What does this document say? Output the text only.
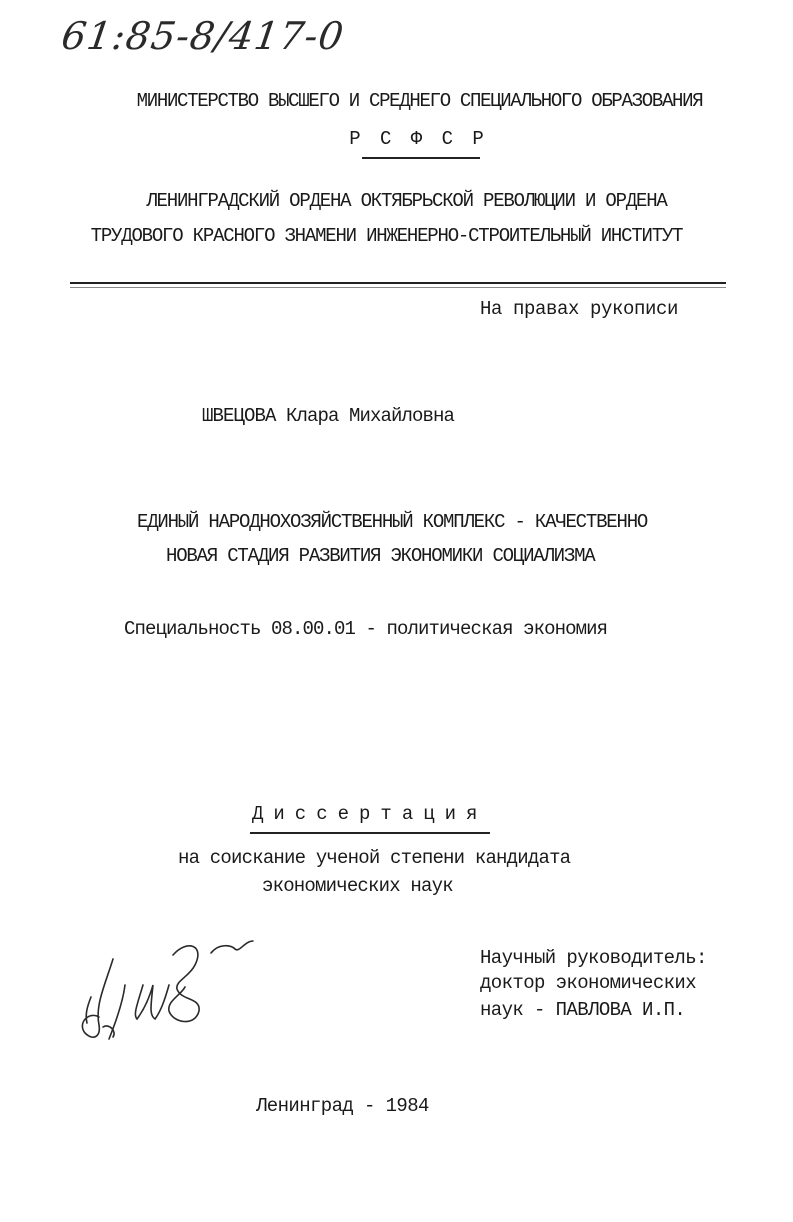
61:85-8/417-0
МИНИСТЕРСТВО ВЫСШЕГО И СРЕДНЕГО СПЕЦИАЛЬНОГО ОБРАЗОВАНИЯ
Р С Ф С Р
ЛЕНИНГРАДСКИЙ ОРДЕНА ОКТЯБРЬСКОЙ РЕВОЛЮЦИИ И ОРДЕНА
ТРУДОВОГО КРАСНОГО ЗНАМЕНИ ИНЖЕНЕРНО-СТРОИТЕЛЬНЫЙ ИНСТИТУТ
На правах рукописи
ШВЕЦОВА Клара Михайловна
ЕДИНЫЙ НАРОДНОХОЗЯЙСТВЕННЫЙ КОМПЛЕКС - КАЧЕСТВЕННО
НОВАЯ СТАДИЯ РАЗВИТИЯ ЭКОНОМИКИ СОЦИАЛИЗМА
Специальность 08.00.01 - политическая экономия
Диссертация
на соискание ученой степени кандидата
экономических наук
Научный руководитель:
доктор экономических
наук - ПАВЛОВА И.П.
Ленинград - 1984
